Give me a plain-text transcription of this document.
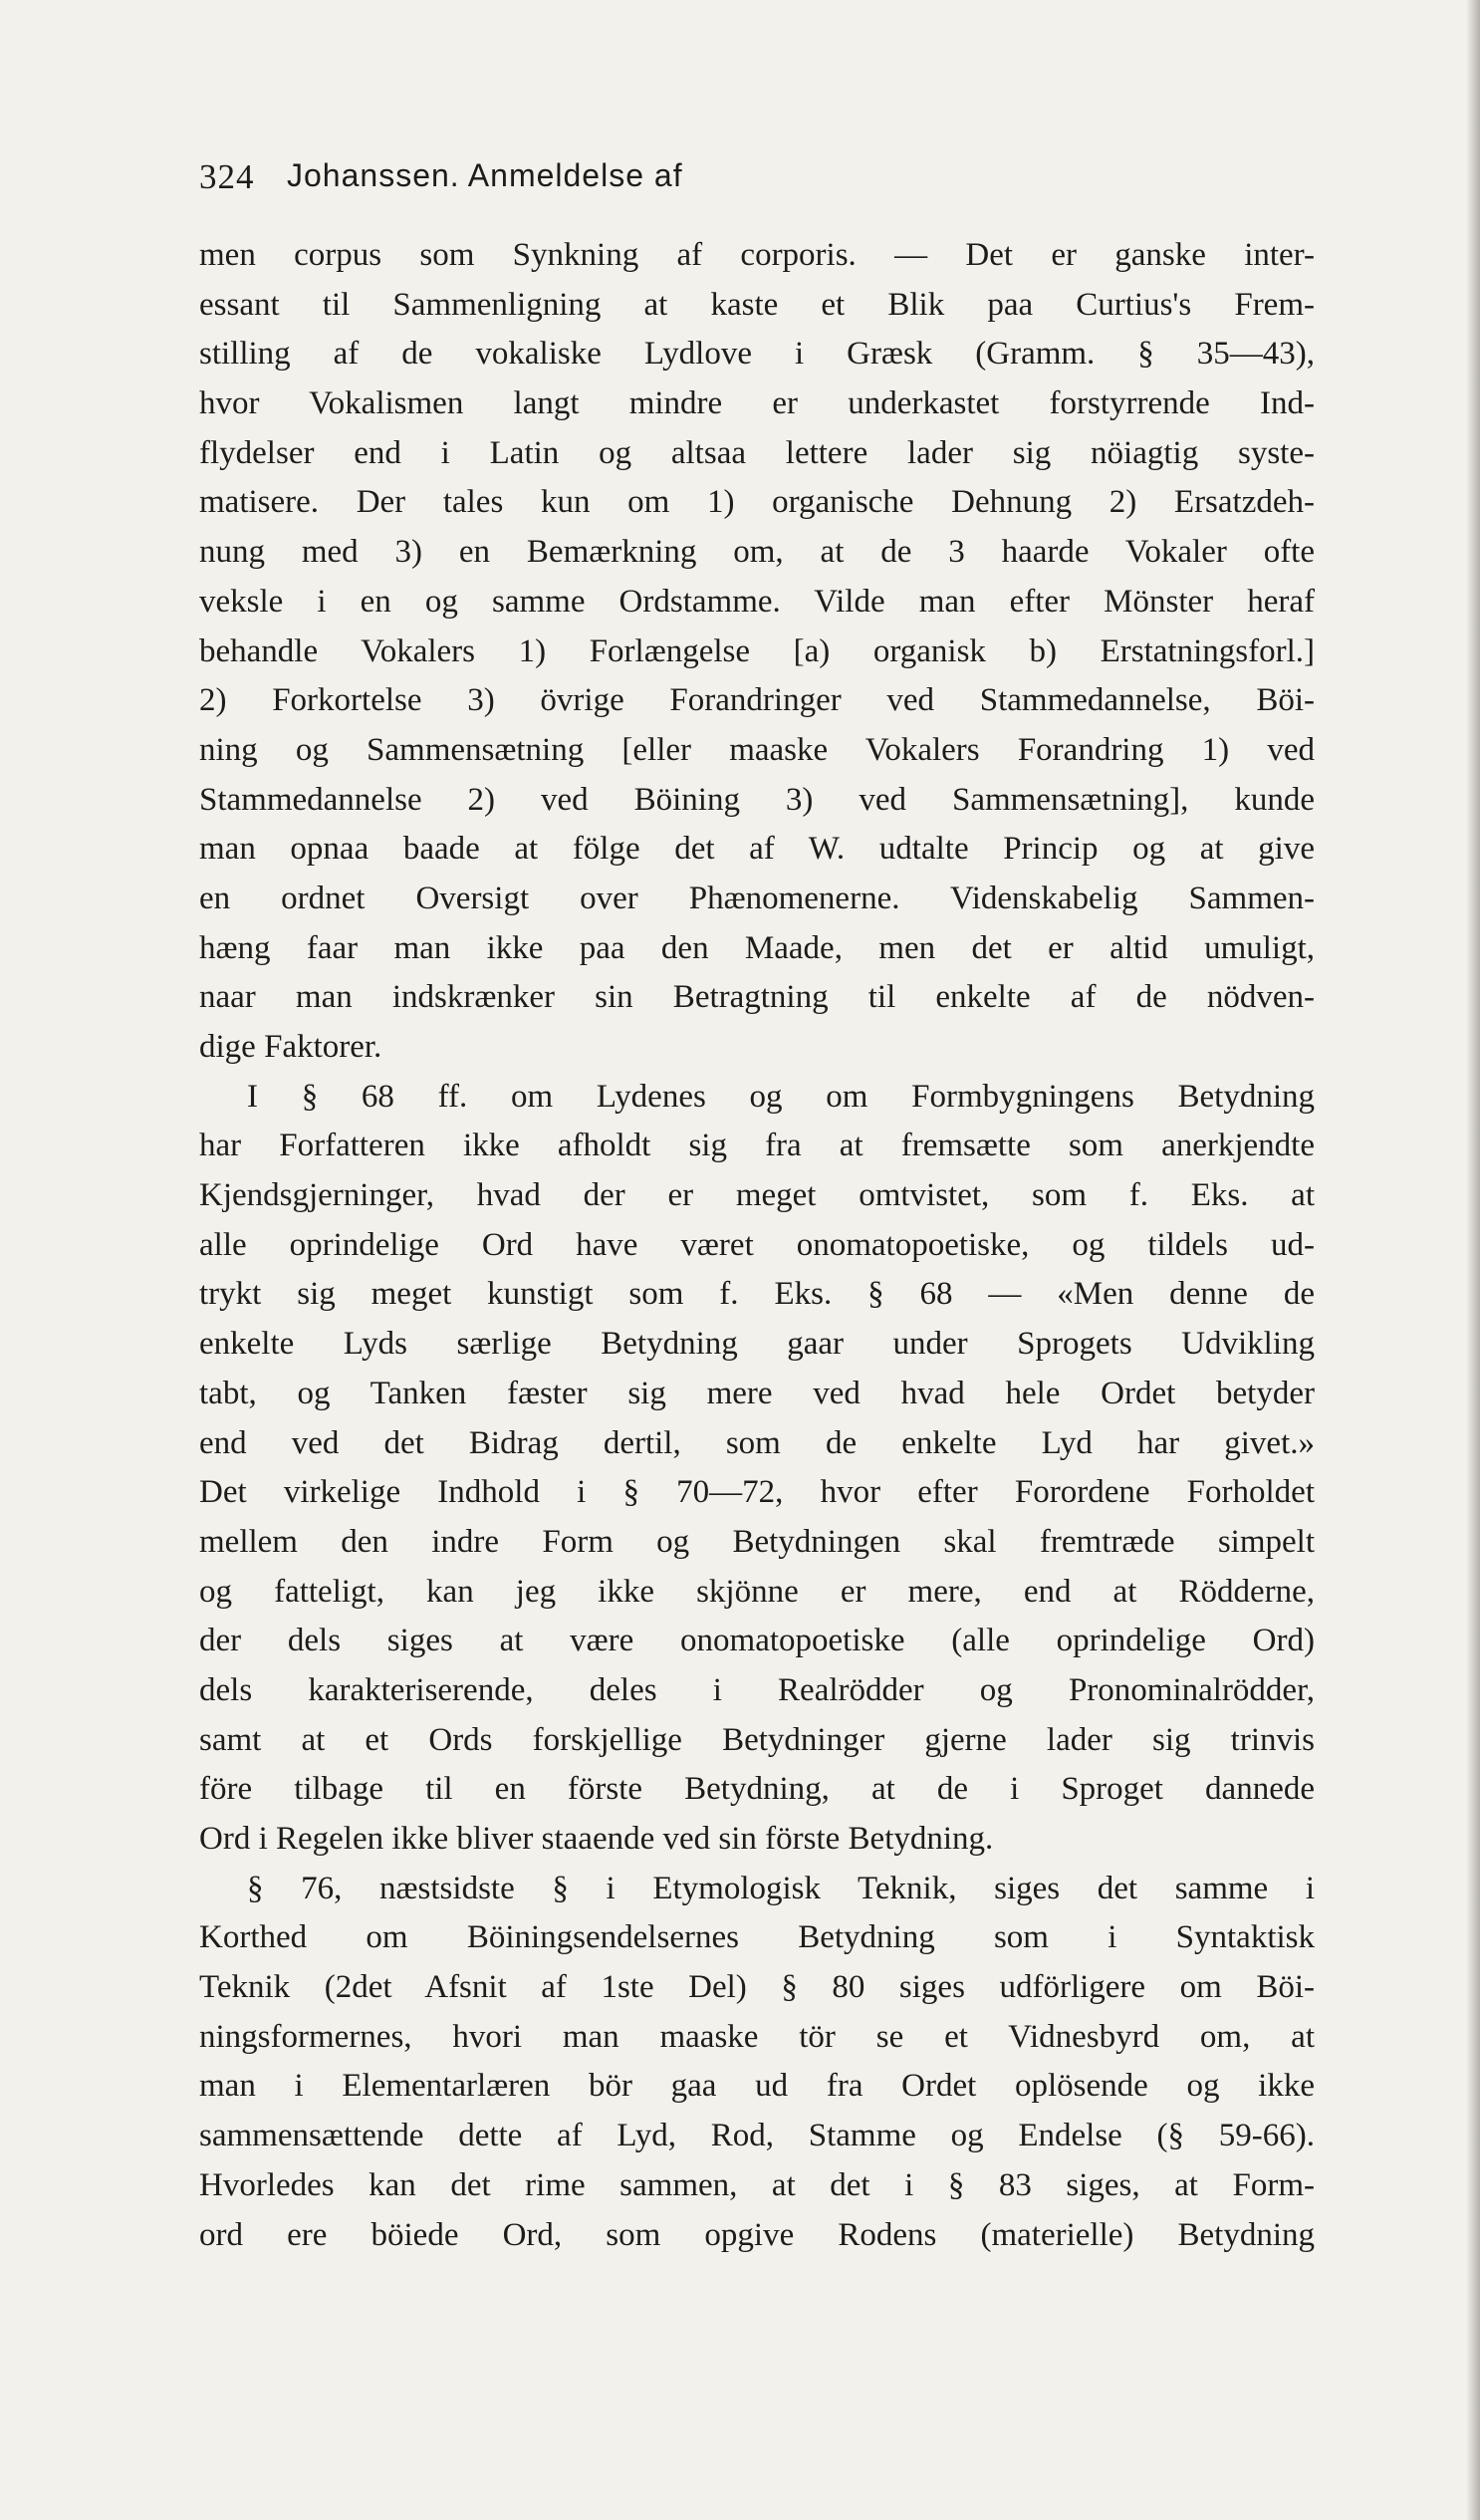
324 Johanssen. Anmeldelse af
men corpus som Synkning af corporis. — Det er ganske inter-
essant til Sammenligning at kaste et Blik paa Curtius's Frem-
stilling af de vokaliske Lydlove i Græsk (Gramm. § 35—43),
hvor Vokalismen langt mindre er underkastet forstyrrende Ind-
flydelser end i Latin og altsaa lettere lader sig nöiagtig syste-
matisere. Der tales kun om 1) organische Dehnung 2) Ersatzdeh-
nung med 3) en Bemærkning om, at de 3 haarde Vokaler ofte
veksle i en og samme Ordstamme. Vilde man efter Mönster heraf
behandle Vokalers 1) Forlængelse [a) organisk b) Erstatningsforl.]
2) Forkortelse 3) övrige Forandringer ved Stammedannelse, Böi-
ning og Sammensætning [eller maaske Vokalers Forandring 1) ved
Stammedannelse 2) ved Böining 3) ved Sammensætning], kunde
man opnaa baade at fölge det af W. udtalte Princip og at give
en ordnet Oversigt over Phænomenerne. Videnskabelig Sammen-
hæng faar man ikke paa den Maade, men det er altid umuligt,
naar man indskrænker sin Betragtning til enkelte af de nödven-
dige Faktorer.
I § 68 ff. om Lydenes og om Formbygningens Betydning
har Forfatteren ikke afholdt sig fra at fremsætte som anerkjendte
Kjendsgjerninger, hvad der er meget omtvistet, som f. Eks. at
alle oprindelige Ord have været onomatopoetiske, og tildels ud-
trykt sig meget kunstigt som f. Eks. § 68 — «Men denne de
enkelte Lyds særlige Betydning gaar under Sprogets Udvikling
tabt, og Tanken fæster sig mere ved hvad hele Ordet betyder
end ved det Bidrag dertil, som de enkelte Lyd har givet.»
Det virkelige Indhold i § 70—72, hvor efter Forordene Forholdet
mellem den indre Form og Betydningen skal fremtræde simpelt
og fatteligt, kan jeg ikke skjönne er mere, end at Rödderne,
der dels siges at være onomatopoetiske (alle oprindelige Ord)
dels karakteriserende, deles i Realrödder og Pronominalrödder,
samt at et Ords forskjellige Betydninger gjerne lader sig trinvis
före tilbage til en förste Betydning, at de i Sproget dannede
Ord i Regelen ikke bliver staaende ved sin förste Betydning.
§ 76, næstsidste § i Etymologisk Teknik, siges det samme i
Korthed om Böiningsendelsernes Betydning som i Syntaktisk
Teknik (2det Afsnit af 1ste Del) § 80 siges udförligere om Böi-
ningsformernes, hvori man maaske tör se et Vidnesbyrd om, at
man i Elementarlæren bör gaa ud fra Ordet oplösende og ikke
sammensættende dette af Lyd, Rod, Stamme og Endelse (§ 59-66).
Hvorledes kan det rime sammen, at det i § 83 siges, at Form-
ord ere böiede Ord, som opgive Rodens (materielle) Betydning
